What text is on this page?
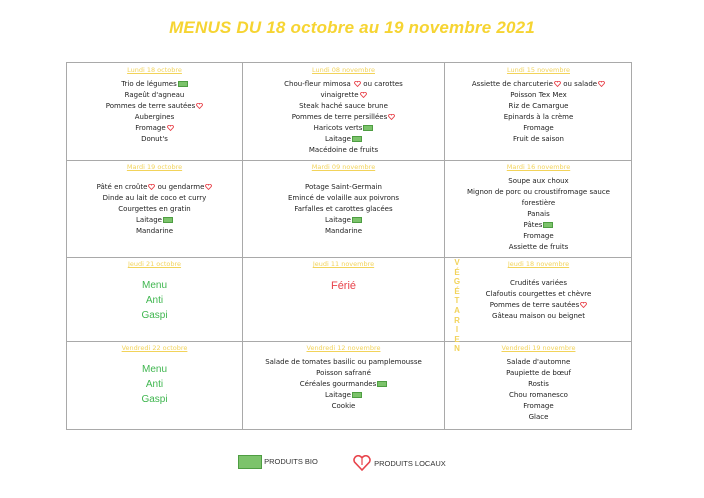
MENUS DU 18 octobre au 19 novembre 2021
Lundi 18 octobre
Trio de légumes
Rageût d'agneau
Pommes de terre sautées
Aubergines
Fromage
Donut's
Lundi 08 novembre
Chou-fleur mimosa ou carottes
vinaigrette
Steak haché sauce brune
Pommes de terre persillées
Haricots verts
Laitage
Macédoine de fruits
Lundi 15 novembre
Assiette de charcuterie ou salade
Poisson Tex Mex
Riz de Camargue
Epinards à la crème
Fromage
Fruit de saison
Mardi 19 octobre
Pâté en croûte ou gendarme
Dinde au lait de coco et curry
Courgettes en gratin
Laitage
Mandarine
Mardi 09 novembre
Potage Saint-Germain
Emincé de volaille aux poivrons
Farfalles et carottes glacées
Laitage
Mandarine
Mardi 16 novembre
Soupe aux choux
Mignon de porc ou croustifromage sauce
forestière
Panais
Pâtes
Fromage
Assiette de fruits
Jeudi 21 octobre
Menu
Anti
Gaspi
Jeudi 11 novembre
Férié
Jeudi 18 novembre
Crudités variées
Clafoutis courgettes et chèvre
Pommes de terre sautées
Gâteau maison ou beignet
Vendredi 22 octobre
Menu
Anti
Gaspi
Vendredi 12 novembre
Salade de tomates basilic ou pamplemousse
Poisson safrané
Céréales gourmandes
Laitage
Cookie
Vendredi 19 novembre
Salade d'automne
Paupiette de bœuf
Rostis
Chou romanesco
Fromage
Glace
V
É
G
É
T
A
R
I
E
N
PRODUITS BIO	PRODUITS LOCAUX
